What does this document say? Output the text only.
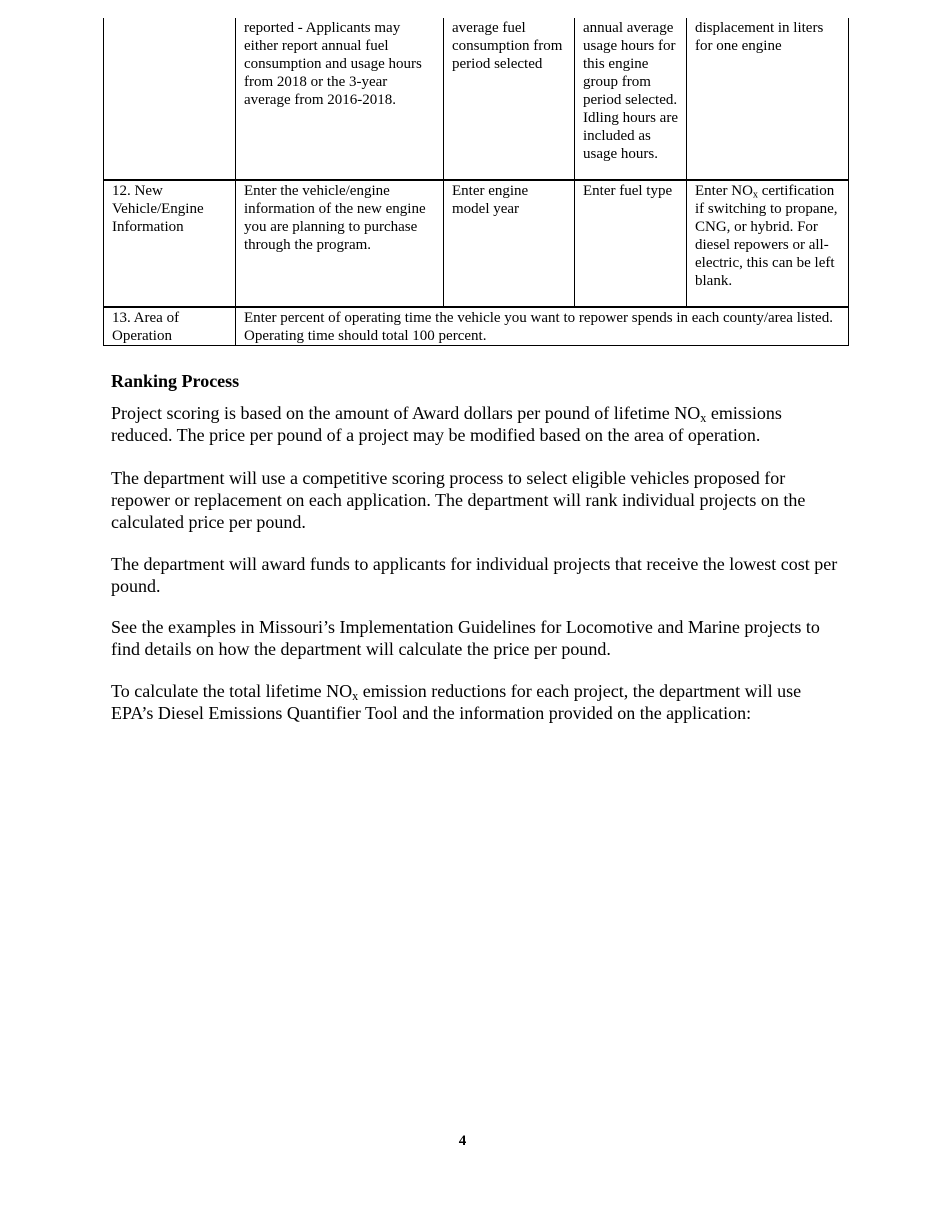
	reported - Applicants may either report annual fuel consumption and usage hours from 2018 or the 3-year average from 2016-2018.	average fuel consumption from period selected	annual average usage hours for this engine group from period selected. Idling hours are included as usage hours.	displacement in liters for one engine
12. New Vehicle/Engine Information	Enter the vehicle/engine information of the new engine you are planning to purchase through the program.	Enter engine model year	Enter fuel type	Enter $NO_x$ certification if switching to propane, CNG, or hybrid. For diesel repowers or all-electric, this can be left blank.
13. Area of Operation	Enter percent of operating time the vehicle you want to repower spends in each county/area listed. Operating time should total 100 percent.			
Ranking Process

Project scoring is based on the amount of Award dollars per pound of lifetime $NO_x$ emissions reduced. The price per pound of a project may be modified based on the area of operation.

The department will use a competitive scoring process to select eligible vehicles proposed for repower or replacement on each application. The department will rank individual projects on the calculated price per pound.

The department will award funds to applicants for individual projects that receive the lowest cost per pound.

See the examples in Missouri’s Implementation Guidelines for Locomotive and Marine projects to find details on how the department will calculate the price per pound.

To calculate the total lifetime $NO_x$ emission reductions for each project, the department will use EPA’s Diesel Emissions Quantifier Tool and the information provided on the application:

4
